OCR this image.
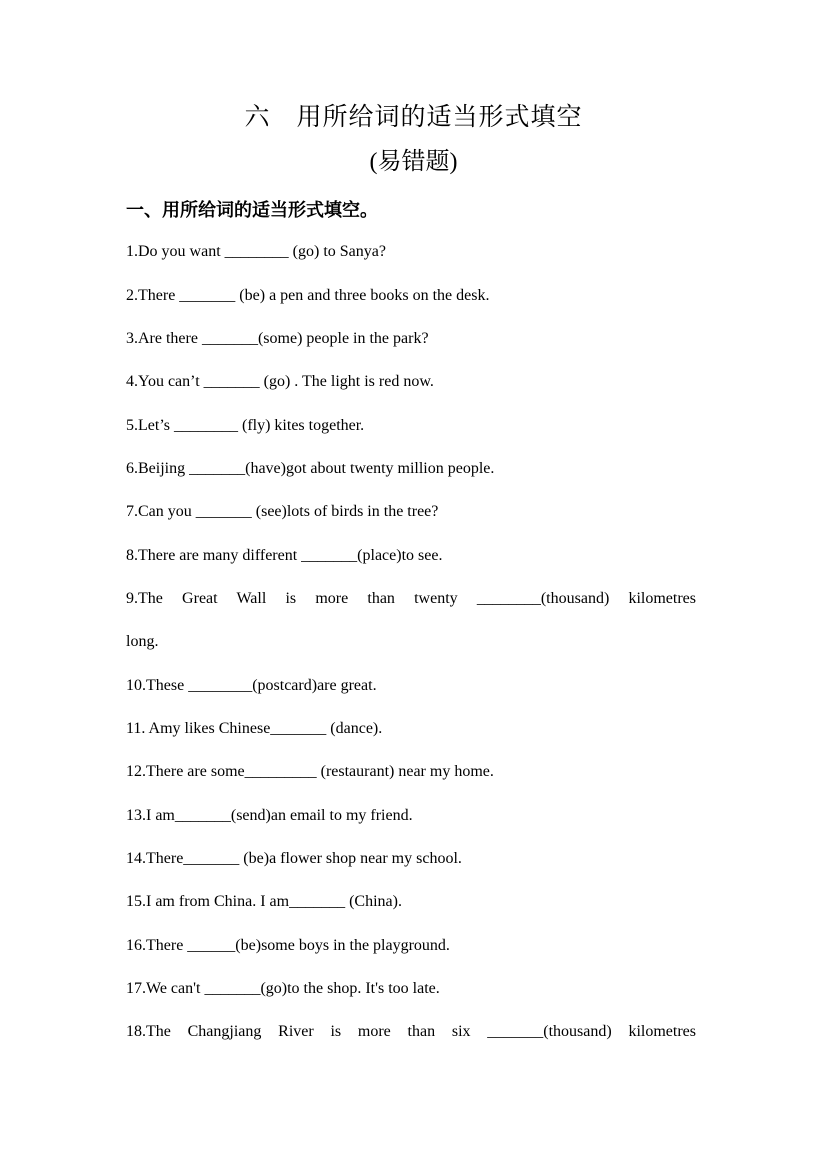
六　用所给词的适当形式填空
(易错题)
一、用所给词的适当形式填空。
1.Do you want ________ (go) to Sanya?
2.There _______ (be) a pen and three books on the desk.
3.Are there _______(some) people in the park?
4.You can’t _______ (go) . The light is red now.
5.Let’s ________ (fly) kites together.
6.Beijing _______(have)got about twenty million people.
7.Can you _______ (see)lots of birds in the tree?
8.There are many different _______(place)to see.
9.The Great Wall is more than twenty ________(thousand) kilometres
long.
10.These ________(postcard)are great.
11. Amy likes Chinese_______ (dance).
12.There are some_________ (restaurant) near my home.
13.I am_______(send)an email to my friend.
14.There_______ (be)a flower shop near my school.
15.I am from China. I am_______ (China).
16.There ______(be)some boys in the playground.
17.We can't _______(go)to the shop. It's too late.
18.The Changjiang River is more than six _______(thousand) kilometres
